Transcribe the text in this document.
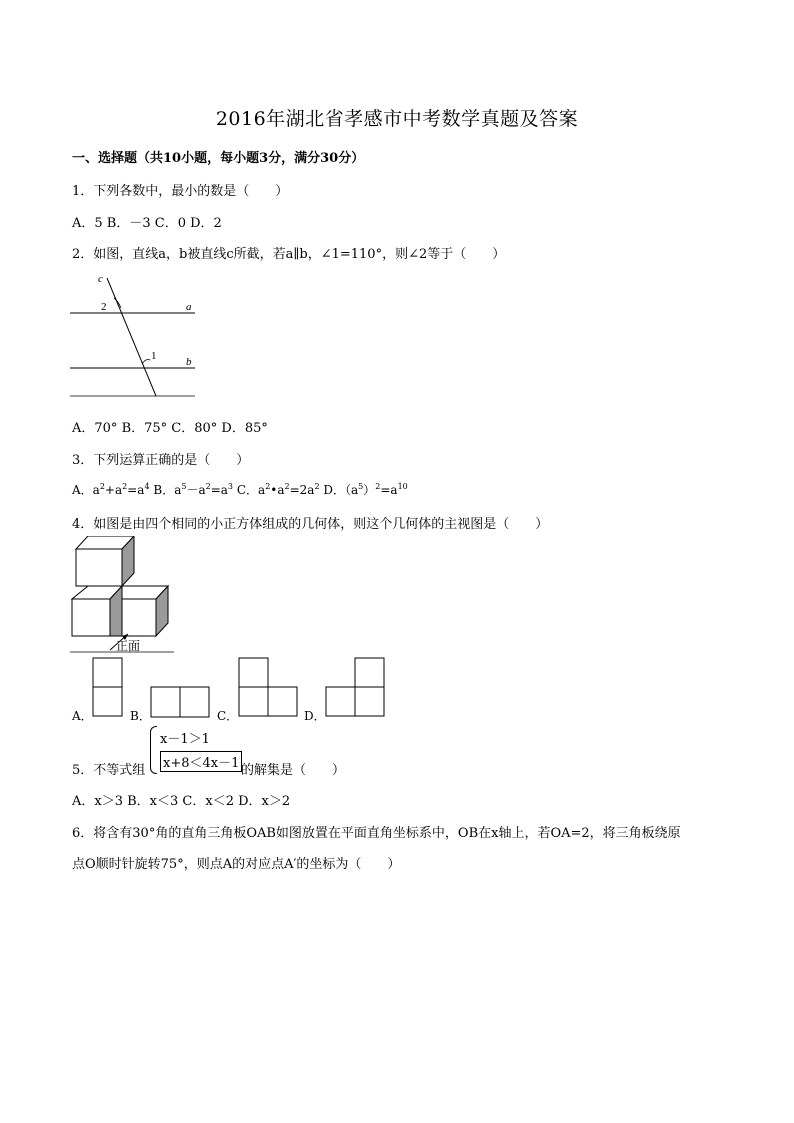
2016年湖北省孝感市中考数学真题及答案
一、选择题（共10小题，每小题3分，满分30分）
1．下列各数中，最小的数是（　　）
A．5 B．－3 C．0 D．2
2．如图，直线a，b被直线c所截，若a∥b，∠1=110°，则∠2等于（　　）
c
a
b
2
1
A．70° B．75° C．80° D．85°
3．下列运算正确的是（　　）
A．$a^2+a^2=a^4$ B．$a^5-a^2=a^3$ C．$a^2•a^2=2a^2$ D．$(a^5)^2=a^{10}$
4．如图是由四个相同的小正方体组成的几何体，则这个几何体的主视图是（　　）
正面
A．	B．	C．	D．
5．不等式组
x－1＞1
x+8＜4x－1 的解集是（　　）
A．x＞3 B．x＜3 C．x＜2 D．x＞2
6．将含有30°角的直角三角板OAB如图放置在平面直角坐标系中，OB在x轴上，若OA=2，将三角板绕原
点O顺时针旋转75°，则点A的对应点A′的坐标为（　　）
